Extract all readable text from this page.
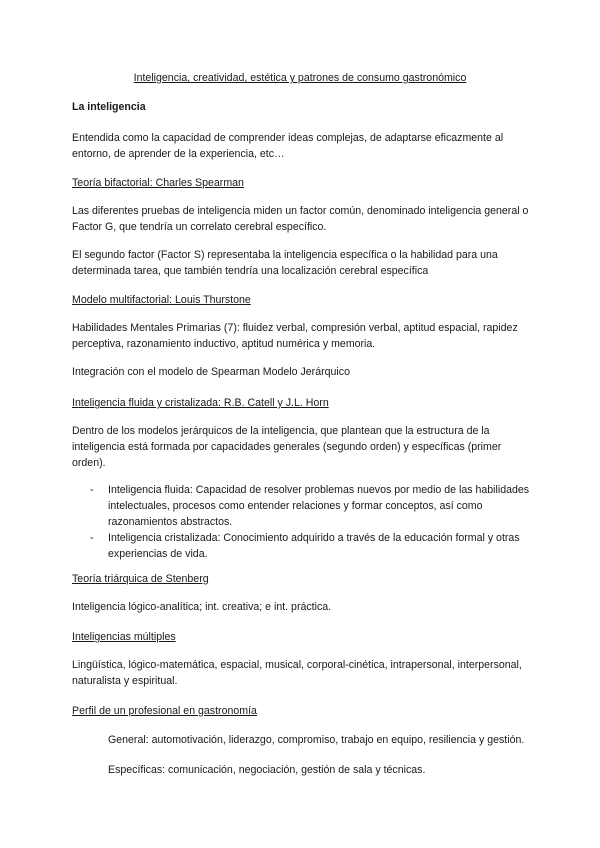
Inteligencia, creatividad, estética y patrones de consumo gastronómico

La inteligencia

Entendida como la capacidad de comprender ideas complejas, de adaptarse eficazmente al entorno, de aprender de la experiencia, etc…

Teoría bifactorial: Charles Spearman

Las diferentes pruebas de inteligencia miden un factor común, denominado inteligencia general o Factor G, que tendría un correlato cerebral específico.

El segundo factor (Factor S) representaba la inteligencia específica o la habilidad para una determinada tarea, que también tendría una localización cerebral específica

Modelo multifactorial: Louis Thurstone

Habilidades Mentales Primarias (7): fluidez verbal, compresión verbal, aptitud espacial, rapidez perceptiva, razonamiento inductivo, aptitud numérica y memoria.

Integración con el modelo de Spearman Modelo Jerárquico

Inteligencia fluida y cristalizada: R.B. Catell y J.L. Horn

Dentro de los modelos jerárquicos de la inteligencia, que plantean que la estructura de la inteligencia está formada por capacidades generales (segundo orden) y específicas (primer orden).

- Inteligencia fluida: Capacidad de resolver problemas nuevos por medio de las habilidades intelectuales, procesos como entender relaciones y formar conceptos, así como razonamientos abstractos.
- Inteligencia cristalizada: Conocimiento adquirido a través de la educación formal y otras experiencias de vida.

Teoría triárquica de Stenberg

Inteligencia lógico-analítica; int. creativa; e int. práctica.

Inteligencias múltiples

Lingüística, lógico-matemática, espacial, musical, corporal-cinética, intrapersonal, interpersonal, naturalista y espiritual.

Perfil de un profesional en gastronomía

General: automotivación, liderazgo, compromiso, trabajo en equipo, resiliencia y gestión.

Específicas: comunicación, negociación, gestión de sala y técnicas.
